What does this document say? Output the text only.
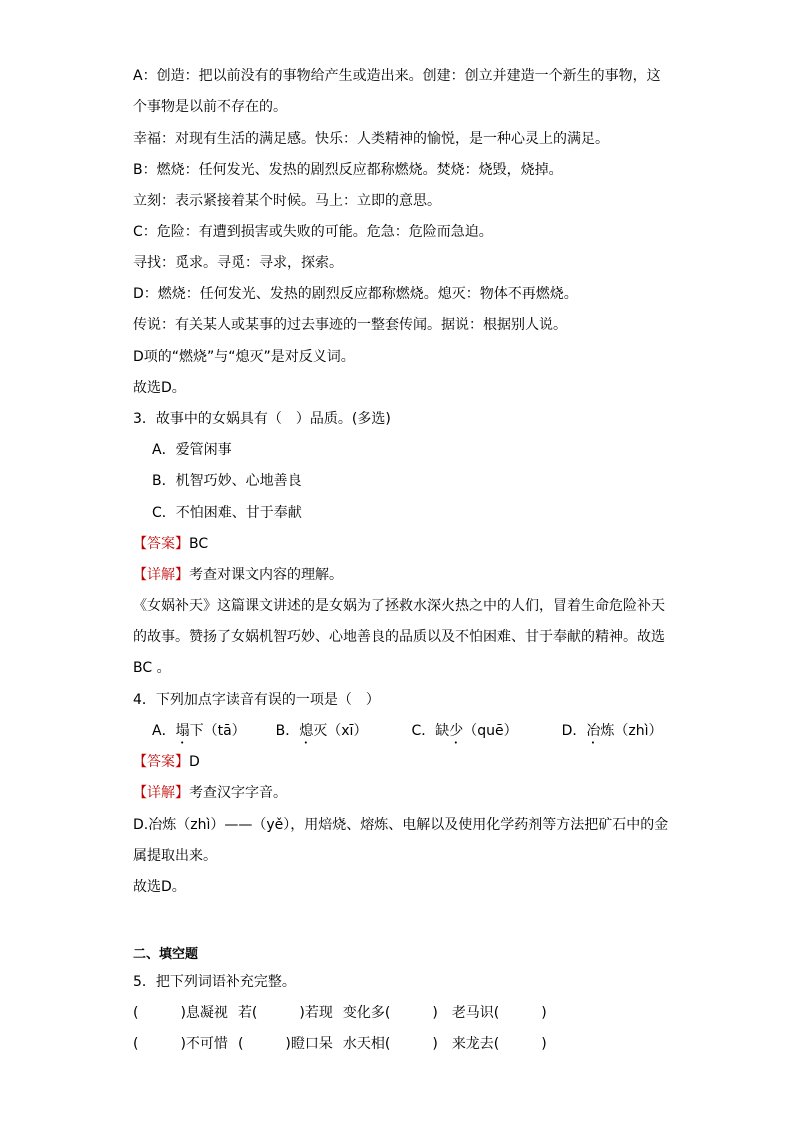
A：创造：把以前没有的事物给产生或造出来。创建：创立并建造一个新生的事物，这
个事物是以前不存在的。
幸福：对现有生活的满足感。快乐：人类精神的愉悦，是一种心灵上的满足。
B：燃烧：任何发光、发热的剧烈反应都称燃烧。焚烧：烧毁，烧掉。
立刻：表示紧接着某个时候。马上：立即的意思。
C：危险：有遭到损害或失败的可能。危急：危险而急迫。
寻找：觅求。寻觅：寻求，探索。
D：燃烧：任何发光、发热的剧烈反应都称燃烧。熄灭：物体不再燃烧。
传说：有关某人或某事的过去事迹的一整套传闻。据说：根据别人说。
D项的“燃烧”与“熄灭”是对反义词。
故选D。
3．故事中的女娲具有（　）品质。(多选)
A．爱管闲事
B．机智巧妙、心地善良
C．不怕困难、甘于奉献
【答案】BC
【详解】考查对课文内容的理解。
《女娲补天》这篇课文讲述的是女娲为了拯救水深火热之中的人们，冒着生命危险补天
的故事。赞扬了女娲机智巧妙、心地善良的品质以及不怕困难、甘于奉献的精神。故选
BC 。
4．下列加点字读音有误的一项是（　）
A．塌下（tā） B．熄灭（xī）	C．缺少（quē）	D．冶炼（zhì）
【答案】D
【详解】考查汉字字音。
D.冶炼（zhì）——（yě），用焙烧、熔炼、电解以及使用化学药剂等方法把矿石中的金
属提取出来。
故选D。
二、填空题
5．把下列词语补充完整。
(　　　)息凝视 若(　　　)若现 变化多(　　　) 老马识(　　　)
(　　　)不可惜 (　　　)瞪口呆 水天相(　　　) 来龙去(　　　)
